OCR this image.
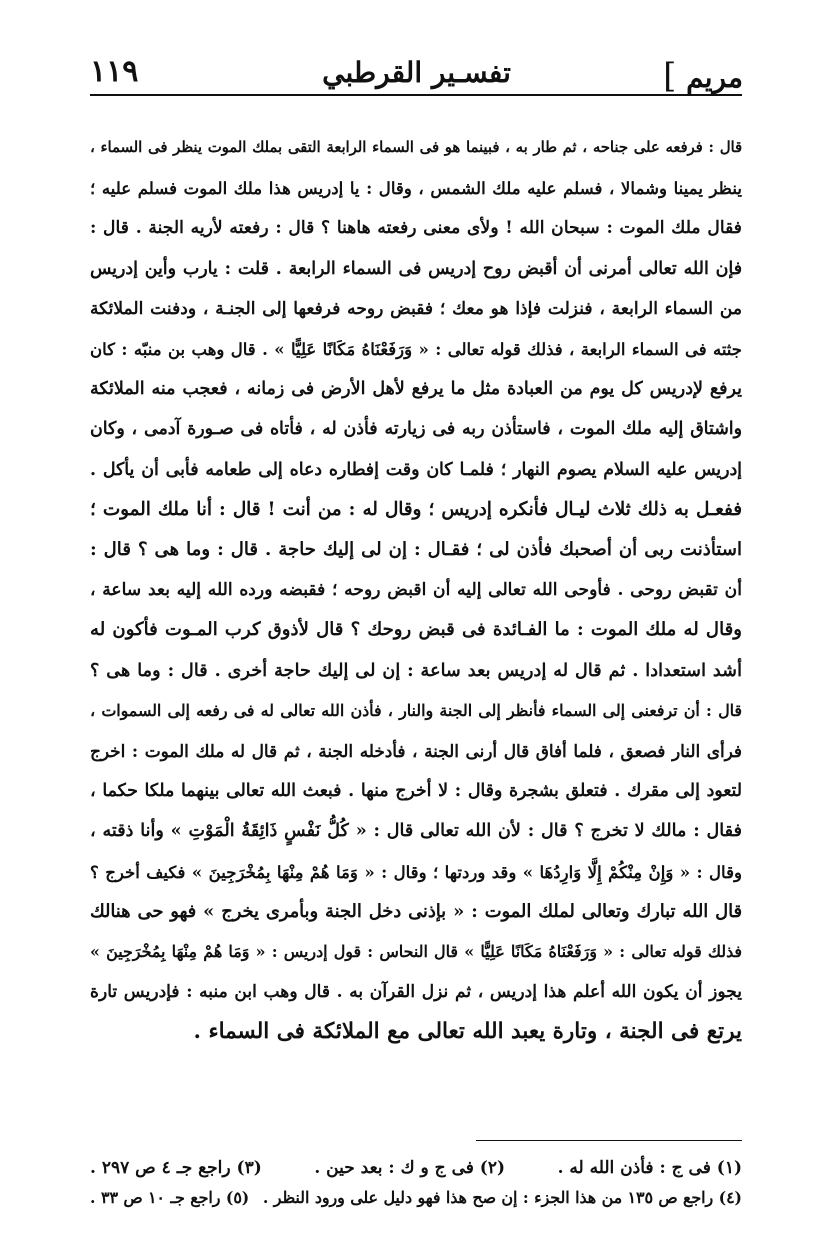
مريم ]
تفسـير القرطبي
١١٩
قال : فرفعه على جناحه ، ثم طار به ، فبينما هو فى السماء الرابعة التقى بملك الموت ينظر فى السماء ،
ينظر يمينا وشمالا ، فسلم عليه ملك الشمس ، وقال : يا إدريس هذا ملك الموت فسلم عليه ؛
فقال ملك الموت : سبحان الله ! ولأى معنى رفعته هاهنا ؟ قال : رفعته لأريه الجنة . قال :
فإن الله تعالى أمرنى أن أقبض روح إدريس فى السماء الرابعة . قلت : يارب وأين إدريس
من السماء الرابعة ، فنزلت فإذا هو معك ؛ فقبض روحه فرفعها إلى الجنـة ، ودفنت الملائكة
جثته فى السماء الرابعة ، فذلك قوله تعالى : « وَرَفَعْنَاهُ مَكَانًا عَلِيًّا » . قال وهب بن منبّه : كان
يرفع لإدريس كل يوم من العبادة مثل ما يرفع لأهل الأرض فى زمانه ، فعجب منه الملائكة
واشتاق إليه ملك الموت ، فاستأذن ربه فى زيارته فأذن له ، فأتاه فى صـورة آدمى ، وكان
إدريس عليه السلام يصوم النهار ؛ فلمـا كان وقت إفطاره دعاه إلى طعامه فأبى أن يأكل .
ففعـل به ذلك ثلاث ليـال فأنكره إدريس ؛ وقال له : من أنت ! قال : أنا ملك الموت ؛
استأذنت ربى أن أصحبك فأذن لى ؛ فقـال : إن لى إليك حاجة . قال : وما هى ؟ قال :
أن تقبض روحى . فأوحى الله تعالى إليه أن اقبض روحه ؛ فقبضه ورده الله إليه بعد ساعة ،
وقال له ملك الموت : ما الفـائدة فى قبض روحك ؟ قال لأذوق كرب المـوت فأكون له
أشد استعدادا . ثم قال له إدريس بعد ساعة : إن لى إليك حاجة أخرى . قال : وما هى ؟
قال : أن ترفعنى إلى السماء فأنظر إلى الجنة والنار ، فأذن الله تعالى له فى رفعه إلى السموات ،
فرأى النار فصعق ، فلما أفاق قال أرنى الجنة ، فأدخله الجنة ، ثم قال له ملك الموت : اخرج
لتعود إلى مقرك . فتعلق بشجرة وقال : لا أخرج منها . فبعث الله تعالى بينهما ملكا حكما ،
فقال : مالك لا تخرج ؟ قال : لأن الله تعالى قال : « كُلُّ نَفْسٍ ذَائِقَةُ الْمَوْتِ » وأنا ذقته ،
وقال : « وَإِنْ مِنْكُمْ إِلَّا وَارِدُهَا » وقد وردتها ؛ وقال : « وَمَا هُمْ مِنْهَا بِمُخْرَجِينَ » فكيف أخرج ؟
قال الله تبارك وتعالى لملك الموت : « بإذنى دخل الجنة وبأمرى يخرج » فهو حى هنالك
فذلك قوله تعالى : « وَرَفَعْنَاهُ مَكَانًا عَلِيًّا » قال النحاس : قول إدريس : « وَمَا هُمْ مِنْهَا بِمُخْرَجِينَ »
يجوز أن يكون الله أعلم هذا إدريس ، ثم نزل القرآن به . قال وهب ابن منبه : فإدريس تارة
يرتع فى الجنة ، وتارة يعبد الله تعالى مع الملائكة فى السماء .
(١) فى ج : فأذن الله له .
(٢) فى ج و ك : بعد حين .
(٣) راجع جـ ٤ ص ٢٩٧ .
(٤) راجع ص ١٣٥ من هذا الجزء : إن صح هذا فهو دليل على ورود النظر .
(٥) راجع جـ ١٠ ص ٣٣ .
